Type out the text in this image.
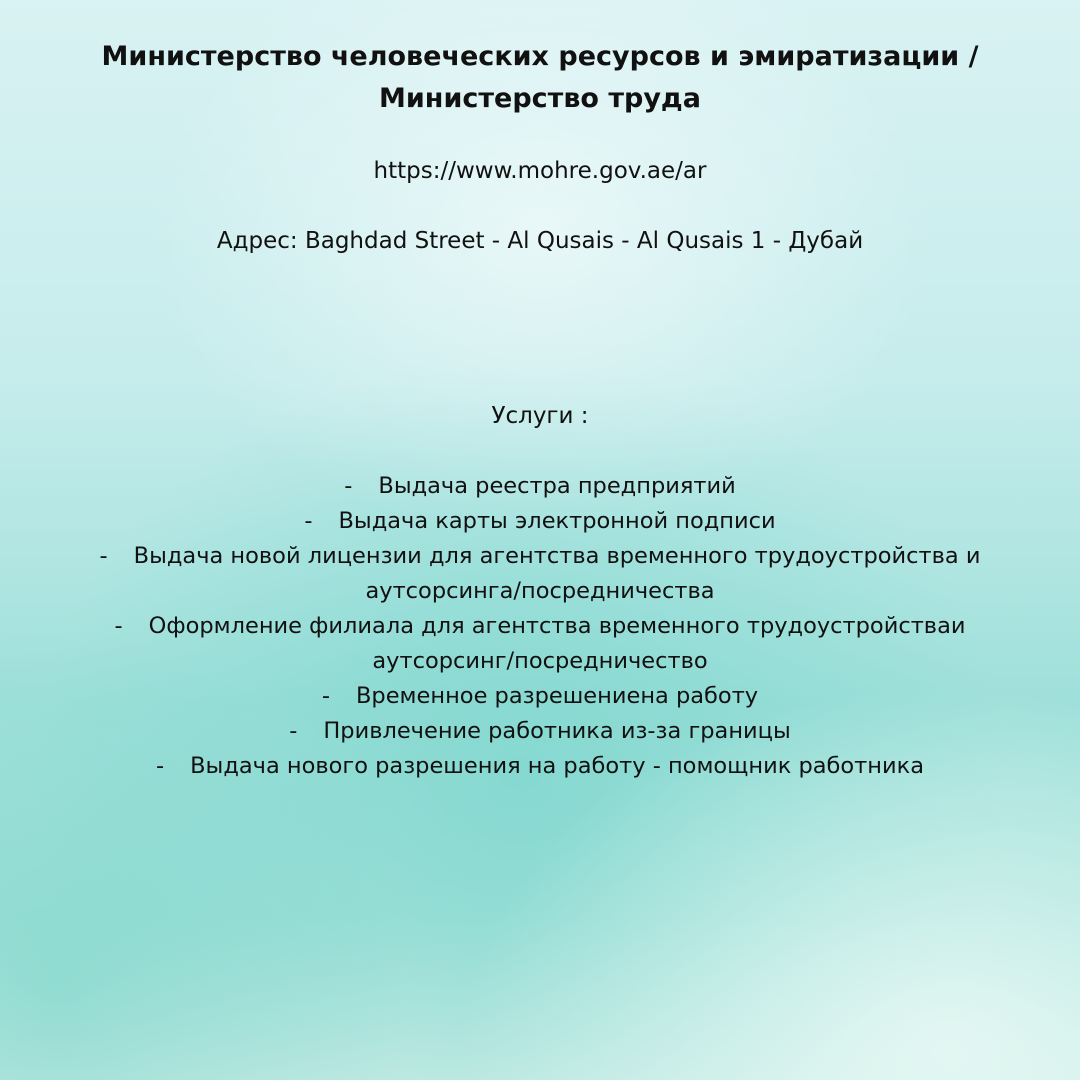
Министерство человеческих ресурсов и эмиратизации / Министерство труда
https://www.mohre.gov.ae/ar
Адрес: Baghdad Street - Al Qusais - Al Qusais 1 - Дубай
Услуги :
- Выдача реестра предприятий
- Выдача карты электронной подписи
- Выдача новой лицензии для агентства временного трудоустройства и аутсорсинга/посредничества
- Оформление филиала для агентства временного трудоустройстваи аутсорсинг/посредничество
- Временное разрешениена работу
- Привлечение работника из-за границы
- Выдача нового разрешения на работу - помощник работника
